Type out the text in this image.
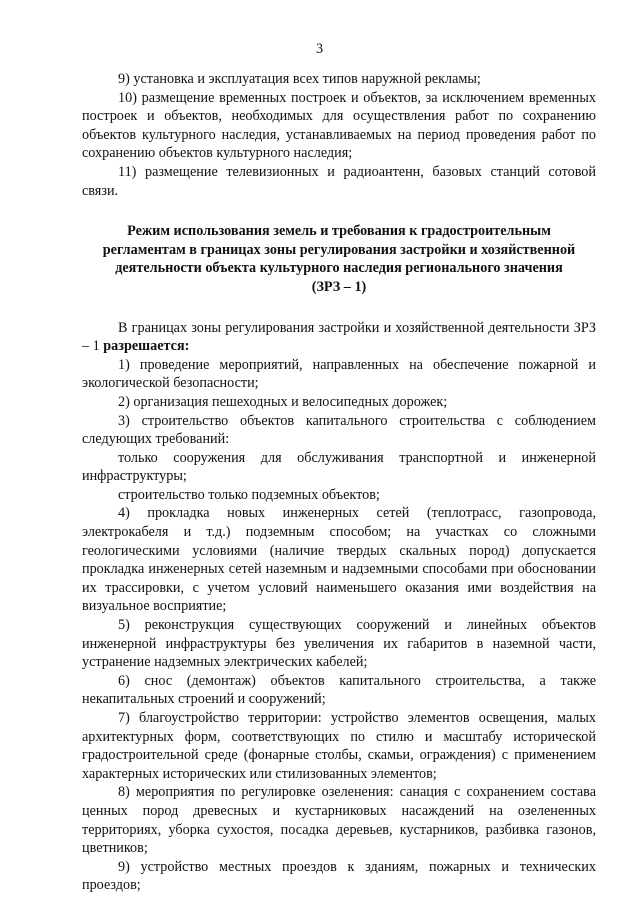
3

9) установка и эксплуатация всех типов наружной рекламы;

10) размещение временных построек и объектов, за исключением временных построек и объектов, необходимых для осуществления работ по сохранению объектов культурного наследия, устанавливаемых на период проведения работ по сохранению объектов культурного наследия;

11) размещение телевизионных и радиоантенн, базовых станций сотовой связи.

Режим использования земель и требования к градостроительным регламентам в границах зоны регулирования застройки и хозяйственной деятельности объекта культурного наследия регионального значения
(ЗРЗ – 1)

В границах зоны регулирования застройки и хозяйственной деятельности ЗРЗ – 1 разрешается:

1) проведение мероприятий, направленных на обеспечение пожарной и экологической безопасности;

2) организация пешеходных и велосипедных дорожек;

3) строительство объектов капитального строительства с соблюдением следующих требований:

только сооружения для обслуживания транспортной и инженерной инфраструктуры;

строительство только подземных объектов;

4) прокладка новых инженерных сетей (теплотрасс, газопровода, электрокабеля и т.д.) подземным способом; на участках со сложными геологическими условиями (наличие твердых скальных пород) допускается прокладка инженерных сетей наземным и надземными способами при обосновании их трассировки, с учетом условий наименьшего оказания ими воздействия на визуальное восприятие;

5) реконструкция существующих сооружений и линейных объектов инженерной инфраструктуры без увеличения их габаритов в наземной части, устранение надземных электрических кабелей;

6) снос (демонтаж) объектов капитального строительства, а также некапитальных строений и сооружений;

7) благоустройство территории: устройство элементов освещения, малых архитектурных форм, соответствующих по стилю и масштабу исторической градостроительной среде (фонарные столбы, скамьи, ограждения) с применением характерных исторических или стилизованных элементов;

8) мероприятия по регулировке озеленения: санация с сохранением состава ценных пород древесных и кустарниковых насаждений на озелененных территориях, уборка сухостоя, посадка деревьев, кустарников, разбивка газонов, цветников;

9) устройство местных проездов к зданиям, пожарных и технических проездов;
